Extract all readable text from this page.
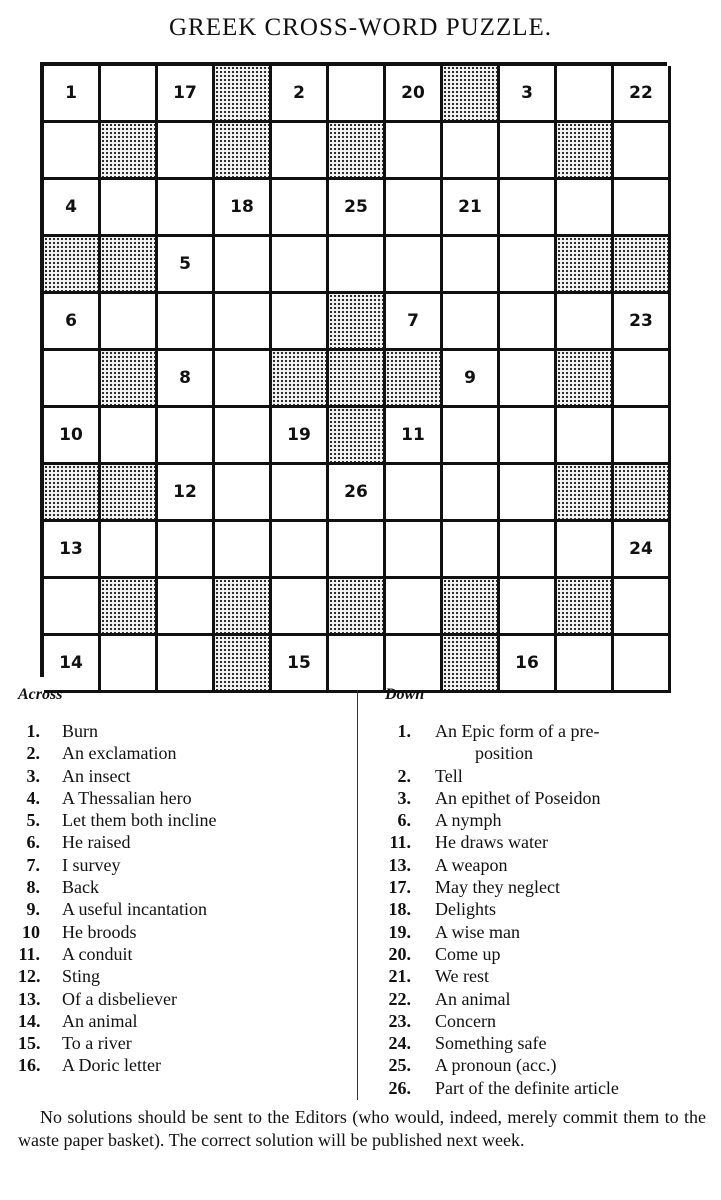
GREEK CROSS-WORD PUZZLE.
1	17	2	20	3	22
4	18	25	21
5
6	7	23
8	9
10	19	11
12	26
13	24
14	15	16
Across	Down
1. Burn
2. An exclamation
3. An insect
4. A Thessalian hero
5. Let them both incline
6. He raised
7. I survey
8. Back
9. A useful incantation
10 He broods
11. A conduit
12. Sting
13. Of a disbeliever
14. An animal
15. To a river
16. A Doric letter
1. An Epic form of a pre-
position
2. Tell
3. An epithet of Poseidon
6. A nymph
11. He draws water
13. A weapon
17. May they neglect
18. Delights
19. A wise man
20. Come up
21. We rest
22. An animal
23. Concern
24. Something safe
25. A pronoun (acc.)
26. Part of the definite article
No solutions should be sent to the Editors (who would, indeed, merely commit them to the waste paper basket). The correct solution will be published next week.
